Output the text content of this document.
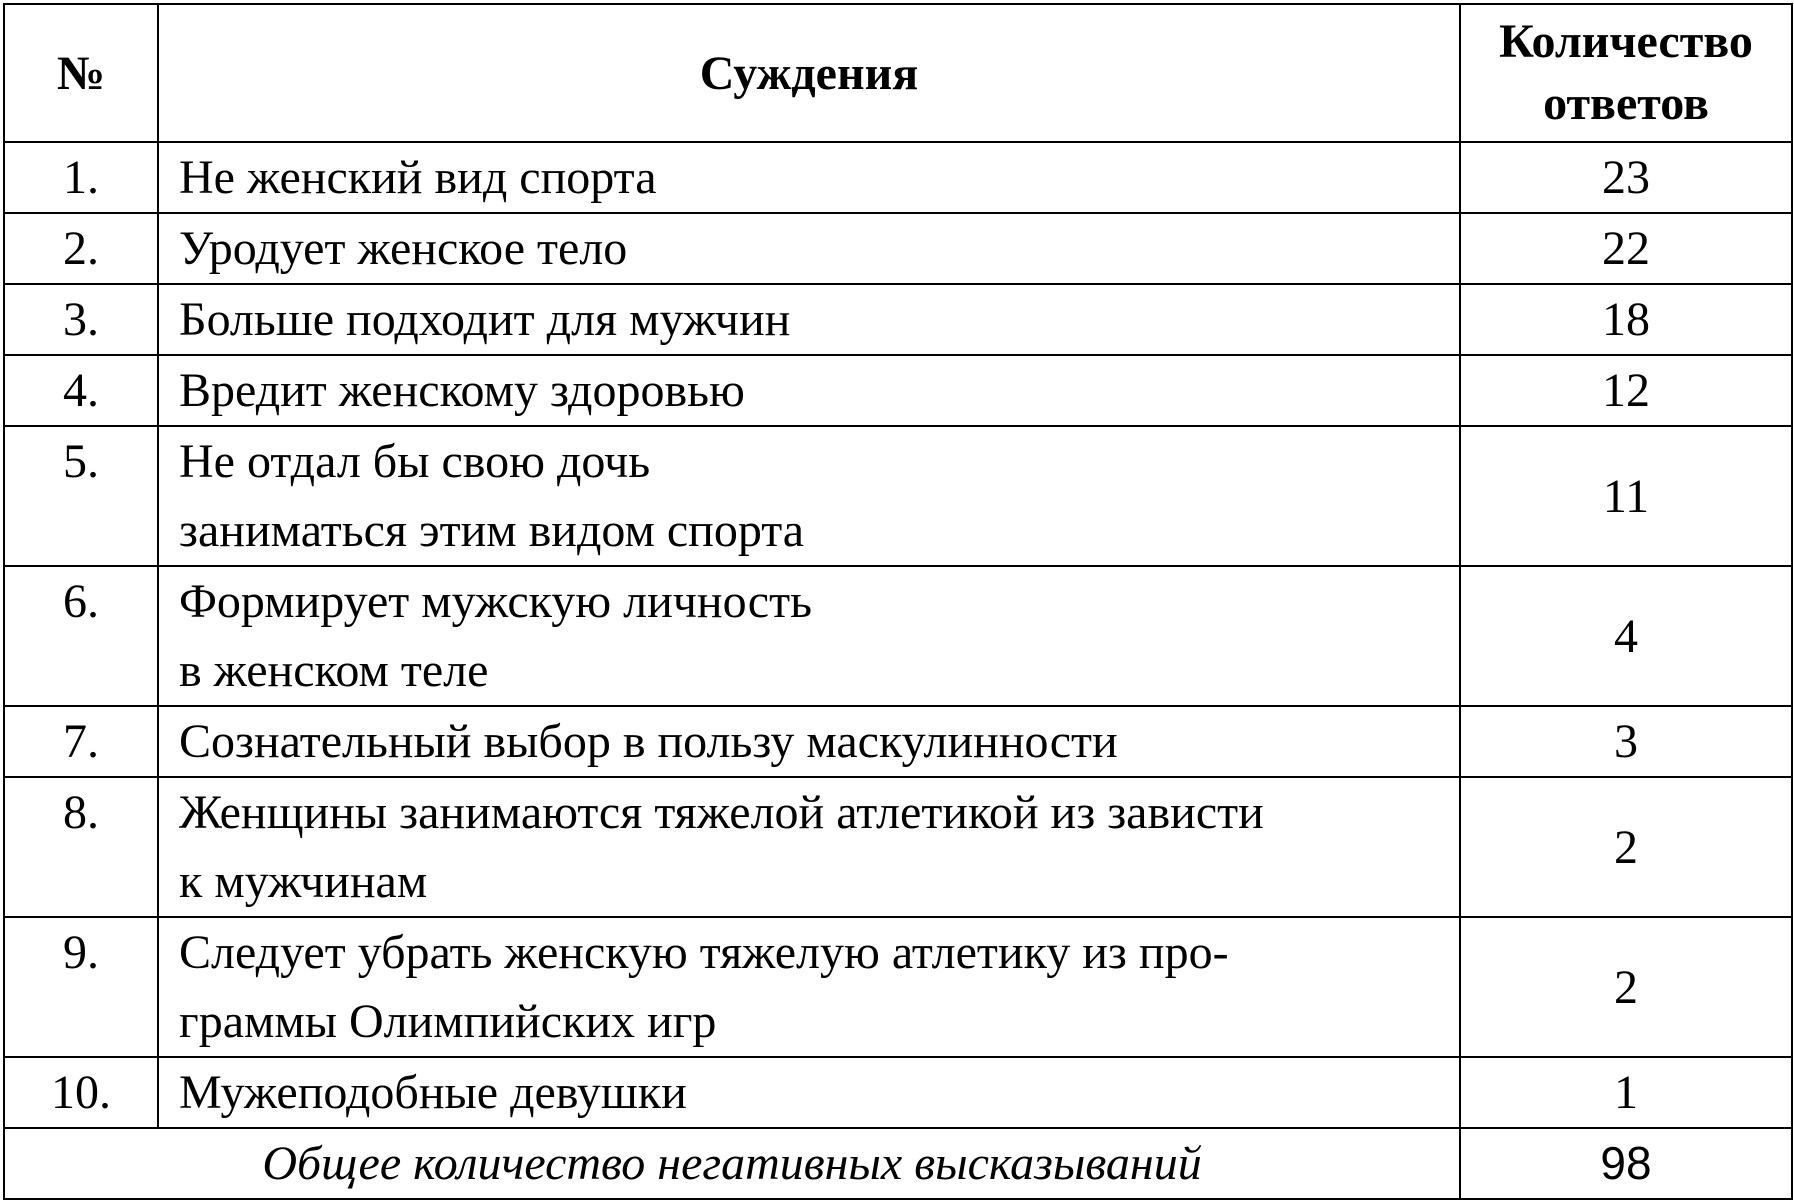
№	Суждения	Количество
ответов

1.	Не женский вид спорта	23
2.	Уродует женское тело	22
3.	Больше подходит для мужчин	18
4.	Вредит женскому здоровью	12
5.	Не отдал бы свою дочь
заниматься этим видом спорта	11
6.	Формирует мужскую личность
в женском теле	4
7.	Сознательный выбор в пользу маскулинности	3
8.	Женщины занимаются тяжелой атлетикой из зависти
к мужчинам	2
9.	Следует убрать женскую тяжелую атлетику из про-
граммы Олимпийских игр	2
10.	Мужеподобные девушки	1
Общее количество негативных высказываний		98
